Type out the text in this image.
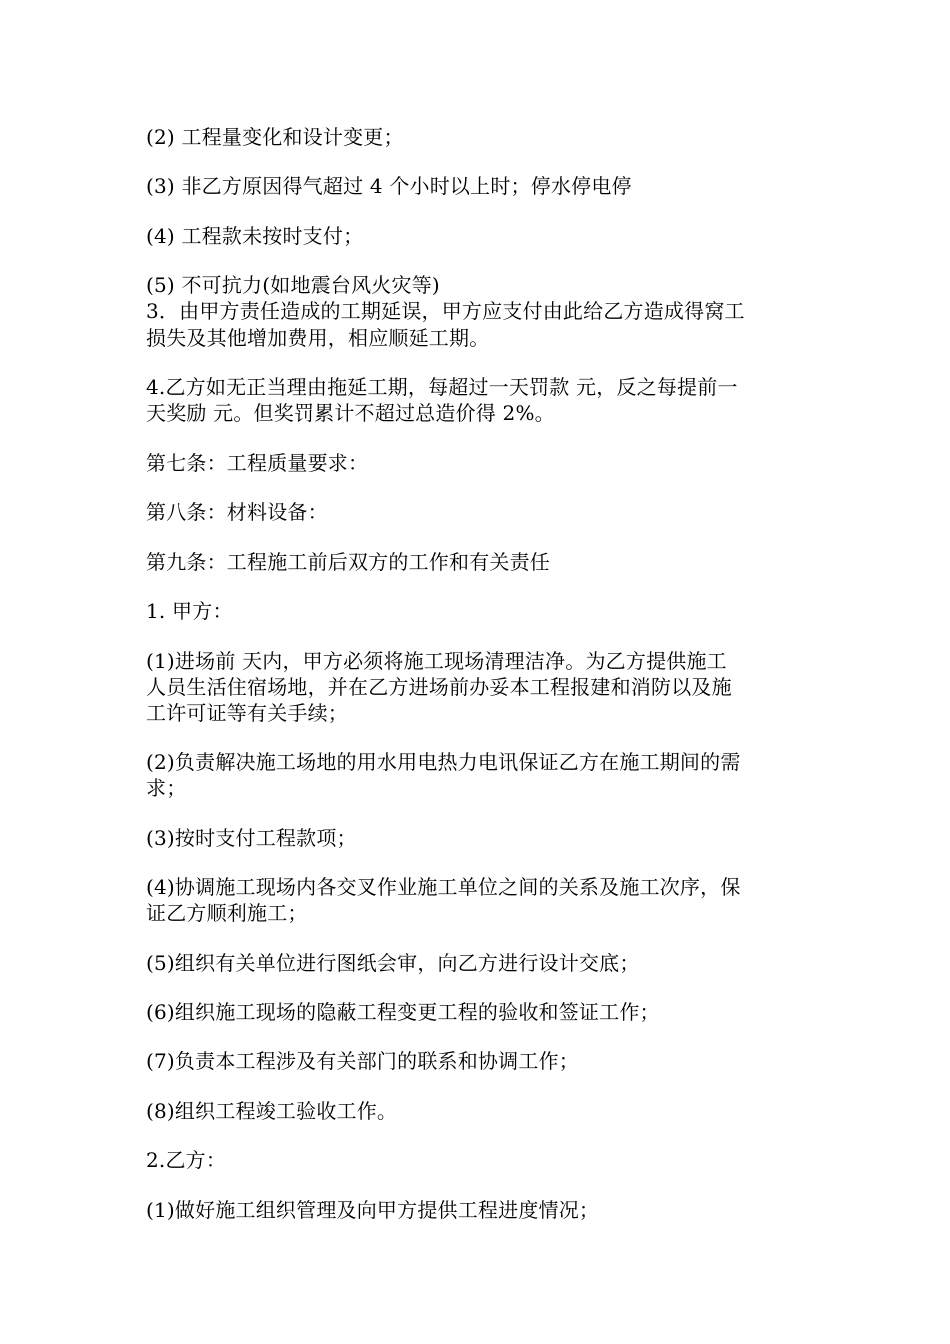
(2) 工程量变化和设计变更；
(3) 非乙方原因得气超过 4 个小时以上时；停水停电停
(4) 工程款未按时支付；
(5) 不可抗力(如地震台风火灾等)
3．由甲方责任造成的工期延误，甲方应支付由此给乙方造成得窝工
损失及其他增加费用，相应顺延工期。
4.乙方如无正当理由拖延工期，每超过一天罚款 元，反之每提前一
天奖励 元。但奖罚累计不超过总造价得 2%。
第七条：工程质量要求：
第八条：材料设备：
第九条：工程施工前后双方的工作和有关责任
1. 甲方：
(1)进场前 天内，甲方必须将施工现场清理洁净。为乙方提供施工
人员生活住宿场地，并在乙方进场前办妥本工程报建和消防以及施
工许可证等有关手续；
(2)负责解决施工场地的用水用电热力电讯保证乙方在施工期间的需
求；
(3)按时支付工程款项；
(4)协调施工现场内各交叉作业施工单位之间的关系及施工次序，保
证乙方顺利施工；
(5)组织有关单位进行图纸会审，向乙方进行设计交底；
(6)组织施工现场的隐蔽工程变更工程的验收和签证工作；
(7)负责本工程涉及有关部门的联系和协调工作；
(8)组织工程竣工验收工作。
2.乙方：
(1)做好施工组织管理及向甲方提供工程进度情况；
